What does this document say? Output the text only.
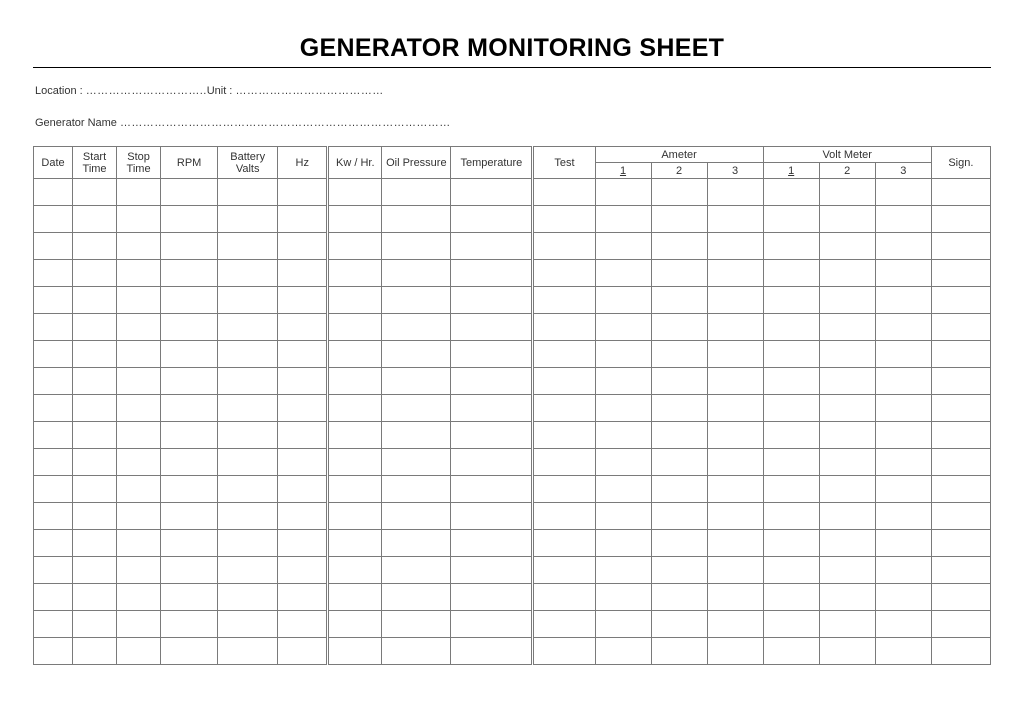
GENERATOR MONITORING SHEET
Location : …………………………..Unit : …………………………………
Generator Name ……………………………………………………………………………
Date	Start Time	Stop Time	RPM	Battery Valts	Hz	Kw / Hr.	Oil Pressure	Temperature	Test	Ameter			Volt Meter			Sign.
										1	2	3	1	2	3	
